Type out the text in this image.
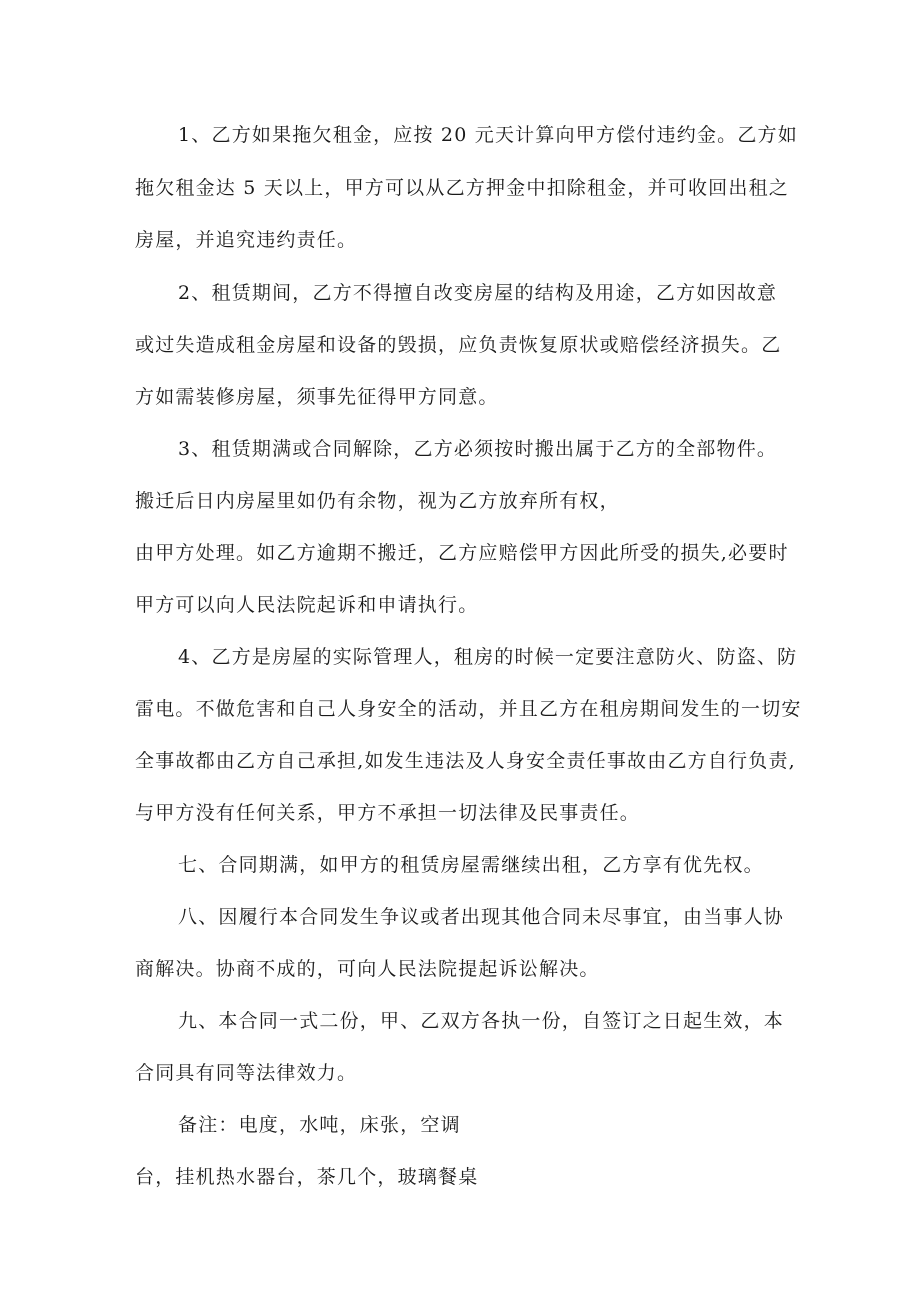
1、乙方如果拖欠租金，应按 20 元天计算向甲方偿付违约金。乙方如
拖欠租金达 5 天以上，甲方可以从乙方押金中扣除租金，并可收回出租之
房屋，并追究违约责任。
2、租赁期间，乙方不得擅自改变房屋的结构及用途，乙方如因故意
或过失造成租金房屋和设备的毁损，应负责恢复原状或赔偿经济损失。乙
方如需装修房屋，须事先征得甲方同意。
3、租赁期满或合同解除，乙方必须按时搬出属于乙方的全部物件。
搬迁后日内房屋里如仍有余物，视为乙方放弃所有权，
由甲方处理。如乙方逾期不搬迁，乙方应赔偿甲方因此所受的损失,必要时
甲方可以向人民法院起诉和申请执行。
4、乙方是房屋的实际管理人，租房的时候一定要注意防火、防盗、防
雷电。不做危害和自己人身安全的活动，并且乙方在租房期间发生的一切安
全事故都由乙方自己承担,如发生违法及人身安全责任事故由乙方自行负责,
与甲方没有任何关系，甲方不承担一切法律及民事责任。
七、合同期满，如甲方的租赁房屋需继续出租，乙方享有优先权。
八、因履行本合同发生争议或者出现其他合同未尽事宜，由当事人协
商解决。协商不成的，可向人民法院提起诉讼解决。
九、本合同一式二份，甲、乙双方各执一份，自签订之日起生效，本
合同具有同等法律效力。
备注：电度，水吨，床张，空调
台，挂机热水器台，茶几个，玻璃餐桌
